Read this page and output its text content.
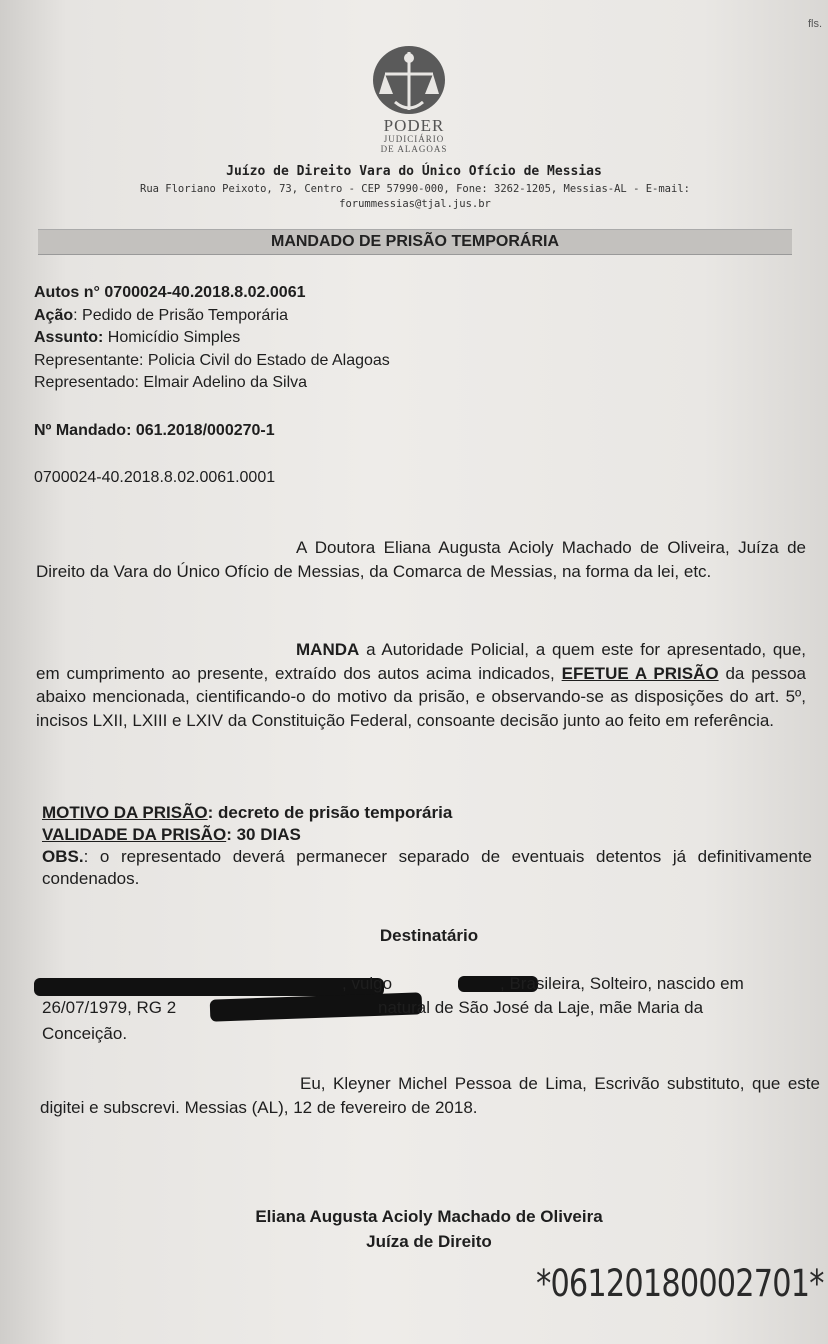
fls.
PODER
JUDICIÁRIO
DE ALAGOAS
Juízo de Direito Vara do Único Ofício de Messias
Rua Floriano Peixoto, 73, Centro - CEP 57990-000, Fone: 3262-1205, Messias-AL - E-mail:
forummessias@tjal.jus.br
MANDADO DE PRISÃO TEMPORÁRIA
Autos n° 0700024-40.2018.8.02.0061
Ação: Pedido de Prisão Temporária
Assunto: Homicídio Simples
Representante: Policia Civil do Estado de Alagoas
Representado: Elmair Adelino da Silva
Nº Mandado: 061.2018/000270-1
0700024-40.2018.8.02.0061.0001
A Doutora Eliana Augusta Acioly Machado de Oliveira, Juíza de Direito da Vara do Único Ofício de Messias, da Comarca de Messias, na forma da lei, etc.
MANDA a Autoridade Policial, a quem este for apresentado, que, em cumprimento ao presente, extraído dos autos acima indicados, EFETUE A PRISÃO da pessoa abaixo mencionada, cientificando-o do motivo da prisão, e observando-se as disposições do art. 5º, incisos LXII, LXIII e LXIV da Constituição Federal, consoante decisão junto ao feito em referência.
MOTIVO DA PRISÃO: decreto de prisão temporária
VALIDADE DA PRISÃO: 30 DIAS
OBS.: o representado deverá permanecer separado de eventuais detentos já definitivamente condenados.
Destinatário
, vulgo	, Brasileira, Solteiro, nascido em
26/07/1979, RG 2	natural de São José da Laje, mãe Maria da
Conceição.
Eu, Kleyner Michel Pessoa de Lima, Escrivão substituto, que este digitei e subscrevi. Messias (AL), 12 de fevereiro de 2018.
Eliana Augusta Acioly Machado de Oliveira
Juíza de Direito
*06120180002701*
